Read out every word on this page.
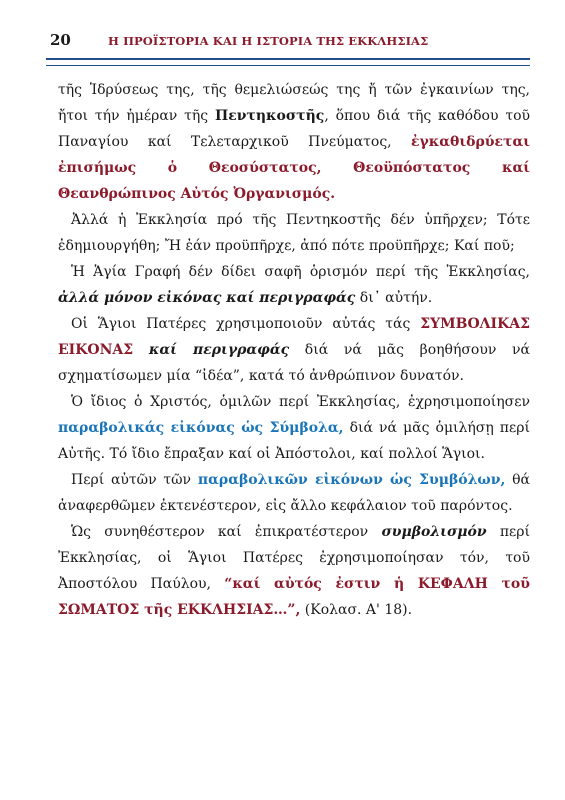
20	Η ΠΡΟΪΣΤΟΡΙΑ ΚΑΙ Η ΙΣΤΟΡΙΑ ΤΗΣ ΕΚΚΛΗΣΙΑΣ

τῆς Ἱδρύσεως της, τῆς θεμελιώσεώς της ἤ τῶν ἐγκαινίων της, ἤτοι τήν ἡμέραν τῆς Πεντηκοστῆς, ὅπου διά τῆς καθόδου τοῦ Παναγίου καί Τελεταρχικοῦ Πνεύματος, ἐγκαθιδρύεται ἐπισήμως ὁ Θεοσύστατος, Θεοϋπόστατος καί Θεανθρώπινος Αὐτός Ὀργανισμός.

Ἀλλά ἡ Ἐκκλησία πρό τῆς Πεντηκοστῆς δέν ὑπῆρχεν; Τότε ἐδημιουργήθη; Ἤ ἐάν προϋπῆρχε, ἀπό πότε προϋπῆρχε; Καί ποῦ;

Ἡ Ἁγία Γραφή δέν δίδει σαφῆ ὁρισμόν περί τῆς Ἐκκλησίας, ἀλλά μόνον εἰκόνας καί περιγραφάς δι᾽ αὐτήν.

Οἱ Ἅγιοι Πατέρες χρησιμοποιοῦν αὐτάς τάς ΣΥΜΒΟΛΙΚΑΣ ΕΙΚΟΝΑΣ καί περιγραφάς διά νά μᾶς βοηθήσουν νά σχηματίσωμεν μία “ἰδέα”, κατά τό ἀνθρώπινον δυνατόν.

Ὁ ἴδιος ὁ Χριστός, ὁμιλῶν περί Ἐκκλησίας, ἐχρησιμοποίησεν παραβολικάς εἰκόνας ὡς Σύμβολα, διά νά μᾶς ὁμιλήσῃ περί Αὐτῆς. Τό ἴδιο ἔπραξαν καί οἱ Ἀπόστολοι, καί πολλοί Ἅγιοι.

Περί αὐτῶν τῶν παραβολικῶν εἰκόνων ὡς Συμβόλων, θά ἀναφερθῶμεν ἐκτενέστερον, εἰς ἄλλο κεφάλαιον τοῦ παρόντος.

Ὡς συνηθέστερον καί ἐπικρατέστερον συμβολισμόν περί Ἐκκλησίας, οἱ Ἅγιοι Πατέρες ἐχρησιμοποίησαν τόν, τοῦ Ἀποστόλου Παύλου, “καί αὐτός ἐστιν ἡ ΚΕΦΑΛΗ τοῦ ΣΩΜΑΤΟΣ τῆς ΕΚΚΛΗΣΙΑΣ…”, (Κολασ. Α' 18).
